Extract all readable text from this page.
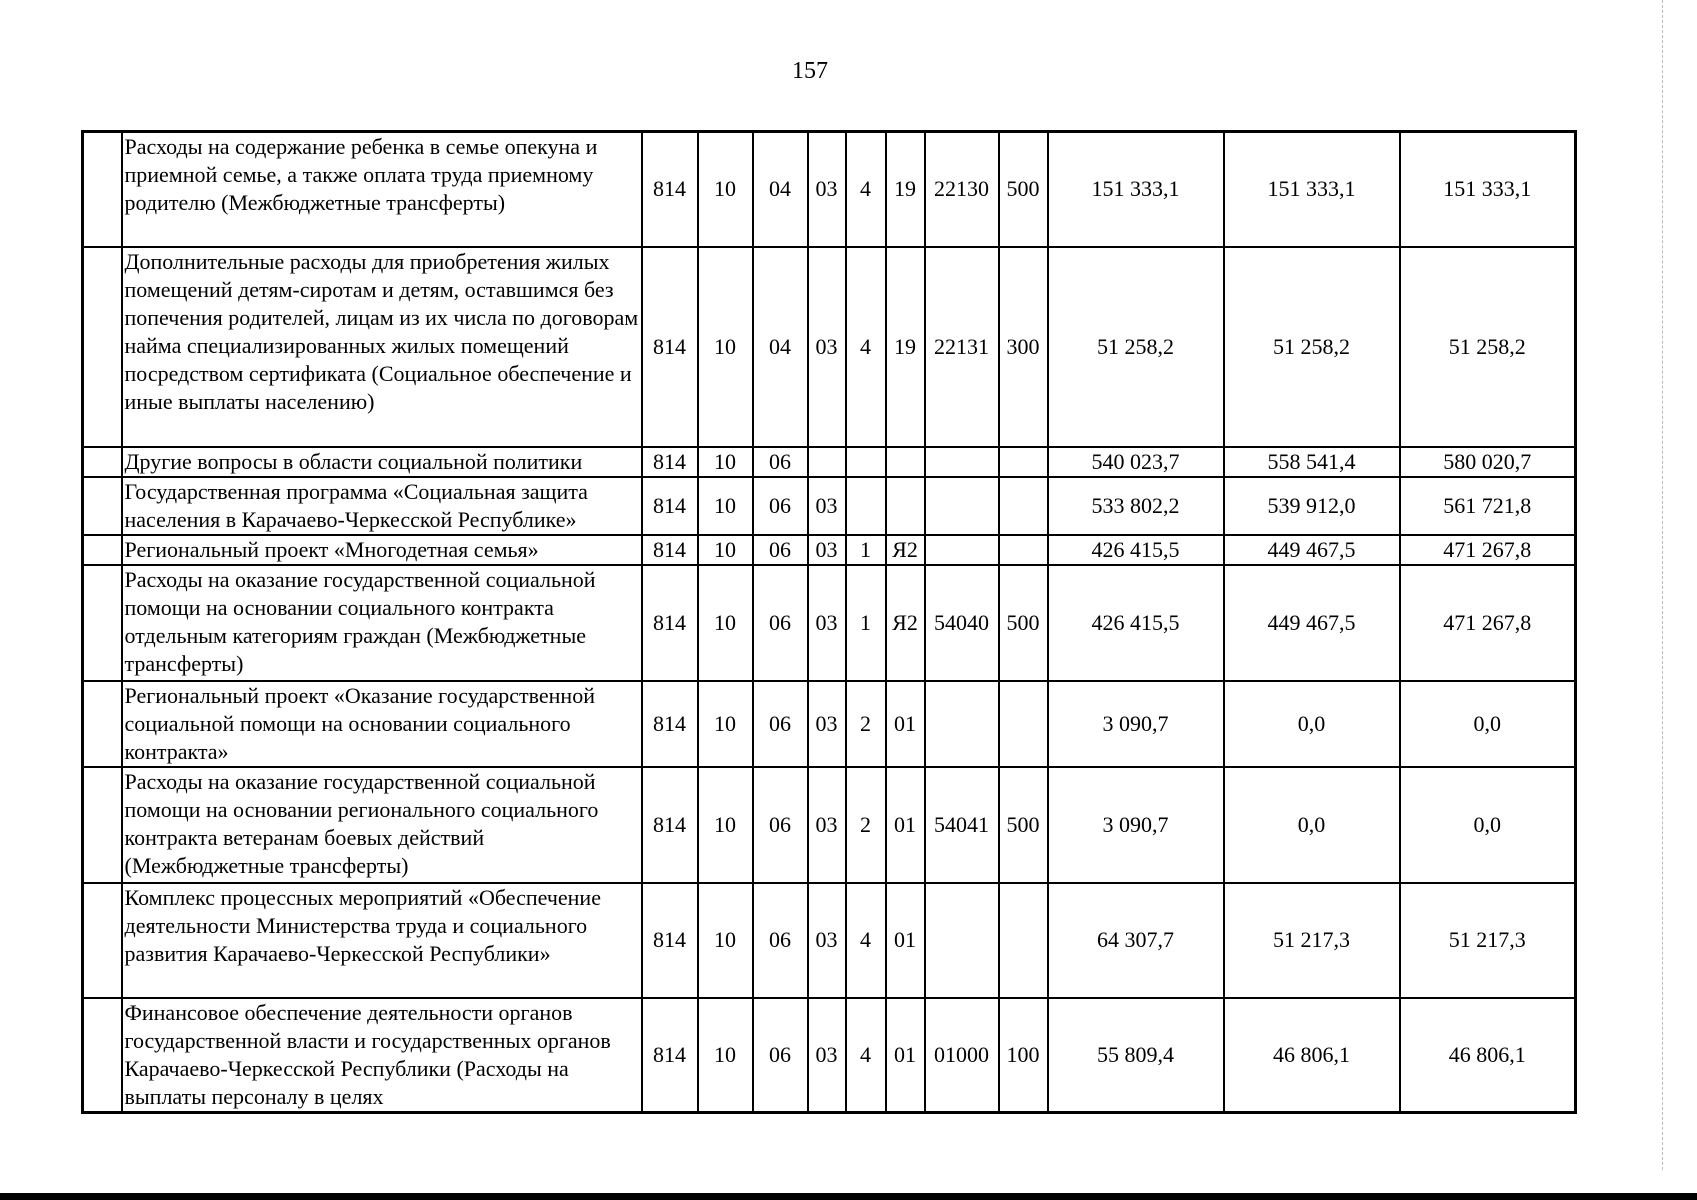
157
	Расходы на содержание ребенка в семье опекуна и приемной семье, а также оплата труда приемному родителю (Межбюджетные трансферты)	814	10	04	03	4	19	22130	500	151 333,1	151 333,1	151 333,1
	Дополнительные расходы для приобретения жилых помещений детям-сиротам и детям, оставшимся без попечения родителей, лицам из их числа по договорам найма специализированных жилых помещений посредством сертификата (Социальное обеспечение и иные выплаты населению)	814	10	04	03	4	19	22131	300	51 258,2	51 258,2	51 258,2
	Другие вопросы в области социальной политики	814	10	06						540 023,7	558 541,4	580 020,7
	Государственная программа «Социальная защита населения в Карачаево-Черкесской Республике»	814	10	06	03					533 802,2	539 912,0	561 721,8
	Региональный проект «Многодетная семья»	814	10	06	03	1	Я2			426 415,5	449 467,5	471 267,8
	Расходы на оказание государственной социальной помощи на основании социального контракта отдельным категориям граждан (Межбюджетные трансферты)	814	10	06	03	1	Я2	54040	500	426 415,5	449 467,5	471 267,8
	Региональный проект «Оказание государственной социальной помощи на основании социального контракта»	814	10	06	03	2	01			3 090,7	0,0	0,0
	Расходы на оказание государственной социальной помощи на основании регионального социального контракта ветеранам боевых действий (Межбюджетные трансферты)	814	10	06	03	2	01	54041	500	3 090,7	0,0	0,0
	Комплекс процессных мероприятий «Обеспечение деятельности Министерства труда и социального развития Карачаево-Черкесской Республики»	814	10	06	03	4	01			64 307,7	51 217,3	51 217,3
	Финансовое обеспечение деятельности органов государственной власти и государственных органов Карачаево-Черкесской Республики (Расходы на выплаты персоналу в целях	814	10	06	03	4	01	01000	100	55 809,4	46 806,1	46 806,1
